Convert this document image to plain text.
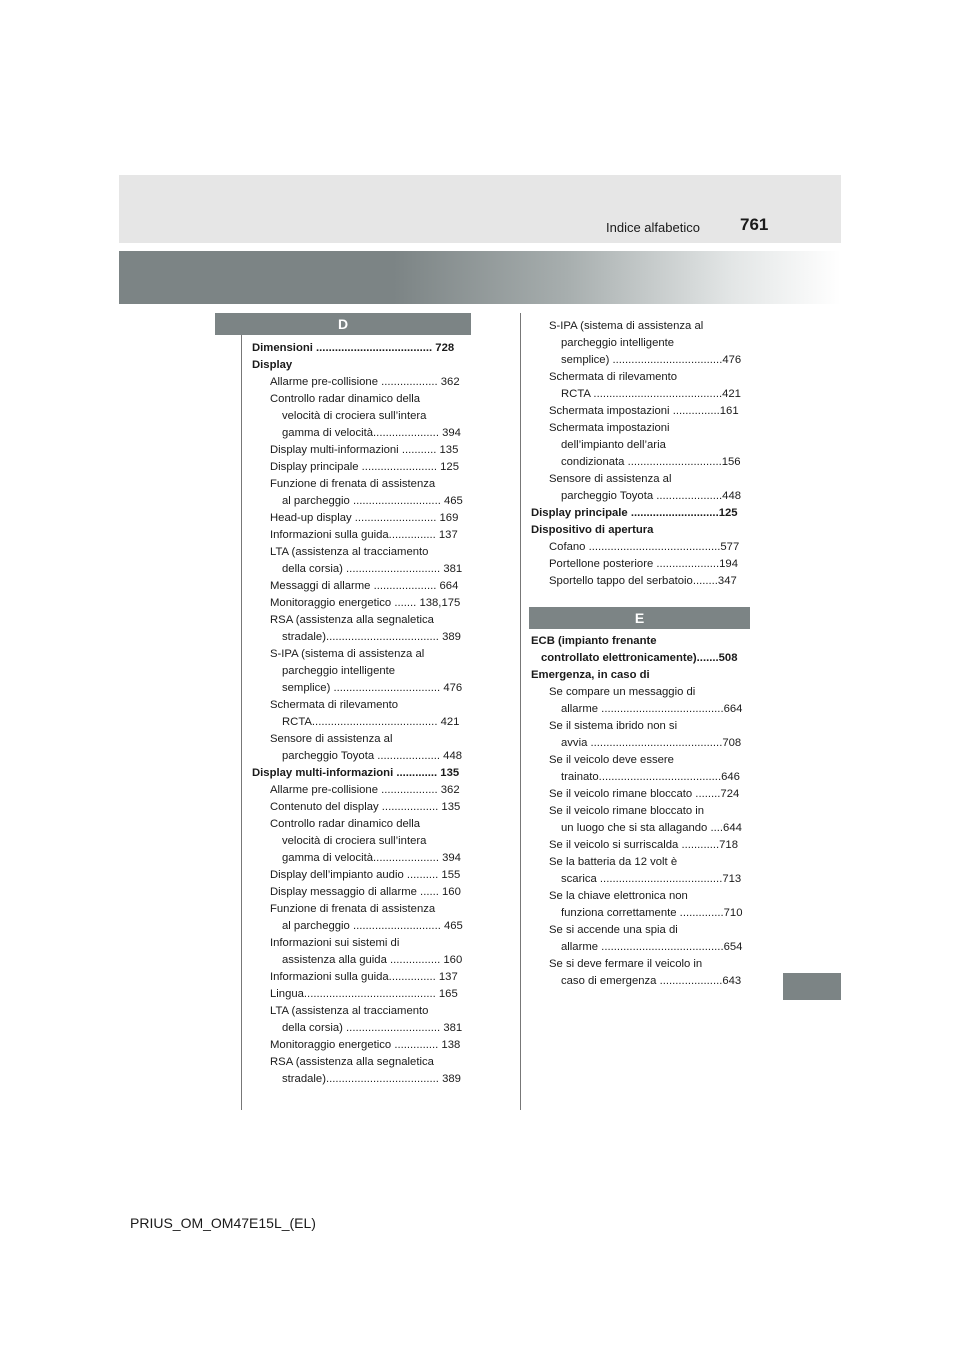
Indice alfabetico 761
D
E
Dimensioni ..................................... 728
Display
Allarme pre-collisione .................. 362
Controllo radar dinamico della
velocità di crociera sull’intera
gamma di velocità..................... 394
Display multi-informazioni ........... 135
Display principale ........................ 125
Funzione di frenata di assistenza
al parcheggio ............................ 465
Head-up display .......................... 169
Informazioni sulla guida............... 137
LTA (assistenza al tracciamento
della corsia) .............................. 381
Messaggi di allarme .................... 664
Monitoraggio energetico ....... 138,175
RSA (assistenza alla segnaletica
stradale).................................... 389
S-IPA (sistema di assistenza al
parcheggio intelligente
semplice) .................................. 476
Schermata di rilevamento
RCTA........................................ 421
Sensore di assistenza al
parcheggio Toyota .................... 448
Display multi-informazioni ............. 135
Allarme pre-collisione .................. 362
Contenuto del display .................. 135
Controllo radar dinamico della
velocità di crociera sull’intera
gamma di velocità..................... 394
Display dell’impianto audio .......... 155
Display messaggio di allarme ...... 160
Funzione di frenata di assistenza
al parcheggio ............................ 465
Informazioni sui sistemi di
assistenza alla guida ................ 160
Informazioni sulla guida............... 137
Lingua.......................................... 165
LTA (assistenza al tracciamento
della corsia) .............................. 381
Monitoraggio energetico .............. 138
RSA (assistenza alla segnaletica
stradale).................................... 389
S-IPA (sistema di assistenza al
parcheggio intelligente
semplice) ...................................476
Schermata di rilevamento
RCTA .........................................421
Schermata impostazioni ...............161
Schermata impostazioni
dell’impianto dell’aria
condizionata ..............................156
Sensore di assistenza al
parcheggio Toyota .....................448
Display principale ............................125
Dispositivo di apertura
Cofano ..........................................577
Portellone posteriore ....................194
Sportello tappo del serbatoio........347
ECB (impianto frenante
controllato elettronicamente).......508
Emergenza, in caso di
Se compare un messaggio di
allarme .......................................664
Se il sistema ibrido non si
avvia ..........................................708
Se il veicolo deve essere
trainato.......................................646
Se il veicolo rimane bloccato ........724
Se il veicolo rimane bloccato in
un luogo che si sta allagando ....644
Se il veicolo si surriscalda ............718
Se la batteria da 12 volt è
scarica .......................................713
Se la chiave elettronica non
funziona correttamente ..............710
Se si accende una spia di
allarme .......................................654
Se si deve fermare il veicolo in
caso di emergenza ....................643
PRIUS_OM_OM47E15L_(EL)
